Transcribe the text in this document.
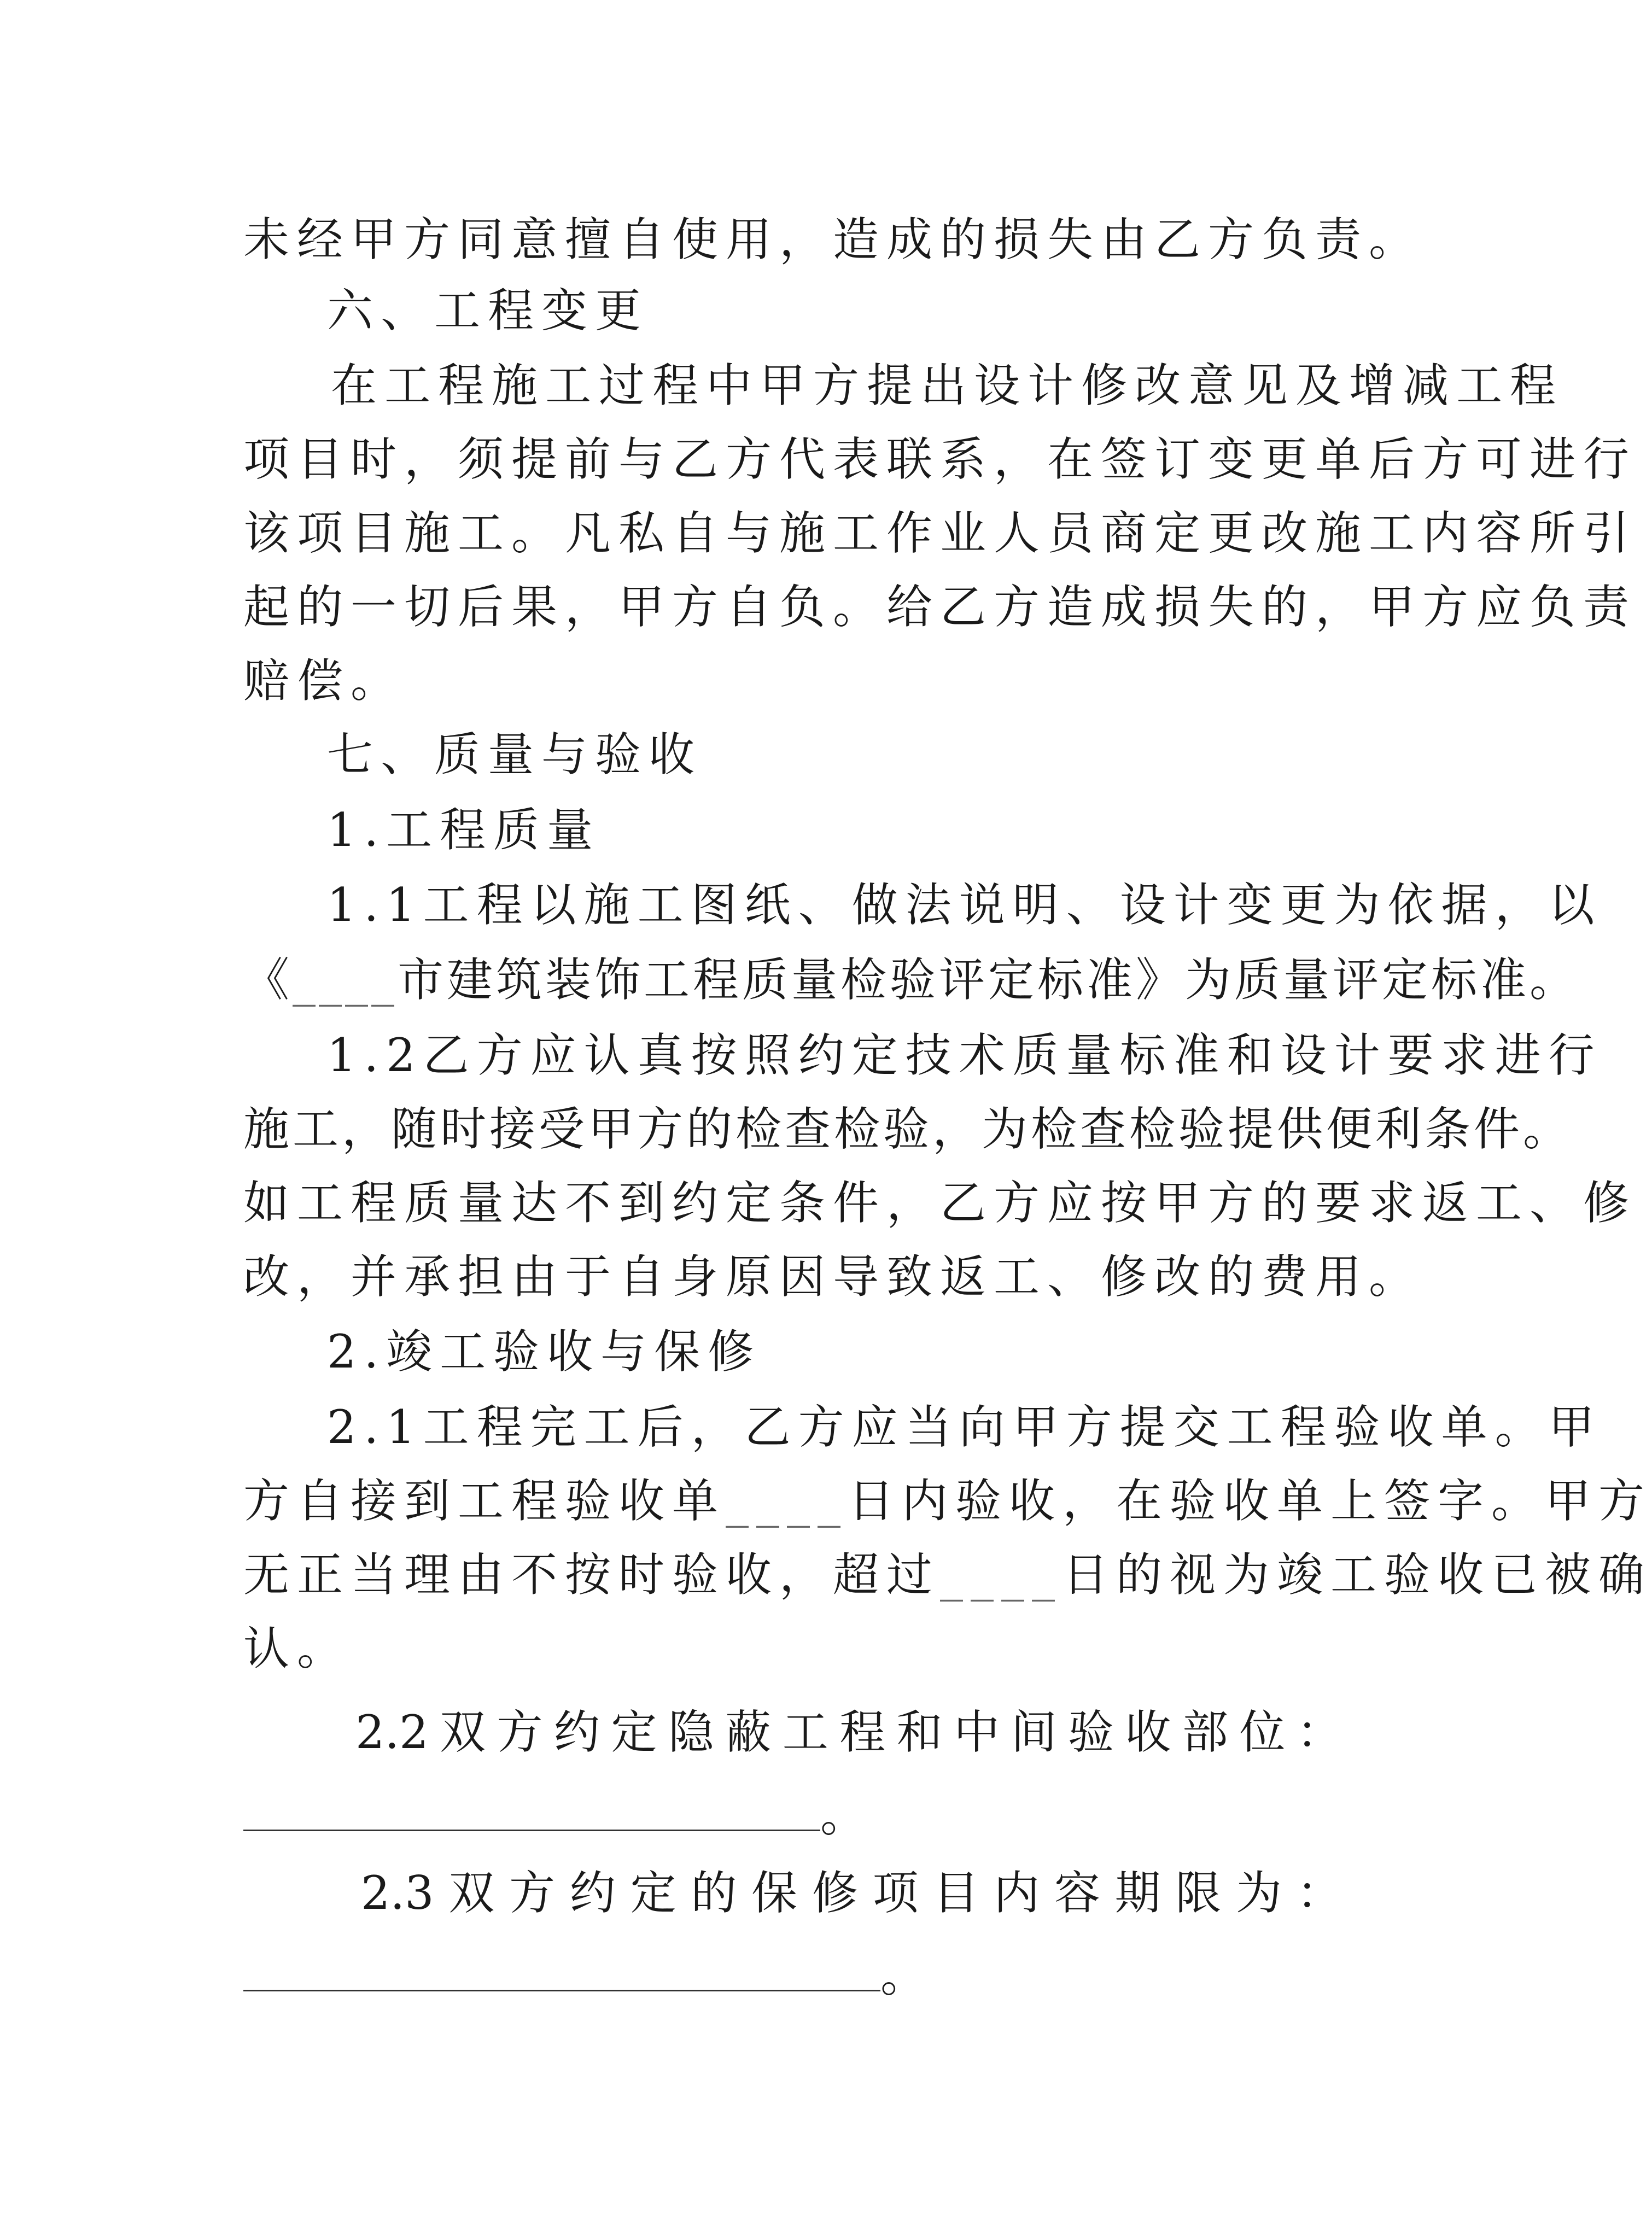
未经甲方同意擅自使用，造成的损失由乙方负责。
六、工程变更
在工程施工过程中甲方提出设计修改意见及增减工程
项目时，须提前与乙方代表联系，在签订变更单后方可进行
该项目施工。凡私自与施工作业人员商定更改施工内容所引
起的一切后果，甲方自负。给乙方造成损失的，甲方应负责
赔偿。
七、质量与验收
1.工程质量
1.1工程以施工图纸、做法说明、设计变更为依据，以
《____市建筑装饰工程质量检验评定标准》为质量评定标准。
1.2乙方应认真按照约定技术质量标准和设计要求进行
施工，随时接受甲方的检查检验，为检查检验提供便利条件。
如工程质量达不到约定条件，乙方应按甲方的要求返工、修
改，并承担由于自身原因导致返工、修改的费用。
2.竣工验收与保修
2.1工程完工后，乙方应当向甲方提交工程验收单。甲
方自接到工程验收单____日内验收，在验收单上签字。甲方
无正当理由不按时验收，超过____日的视为竣工验收已被确
认。
2.2 双 方 约 定 隐 蔽 工 程 和 中 间 验 收 部 位 ：
。
2.3 双 方 约 定 的 保 修 项 目 内 容 期 限 为 ：
。
